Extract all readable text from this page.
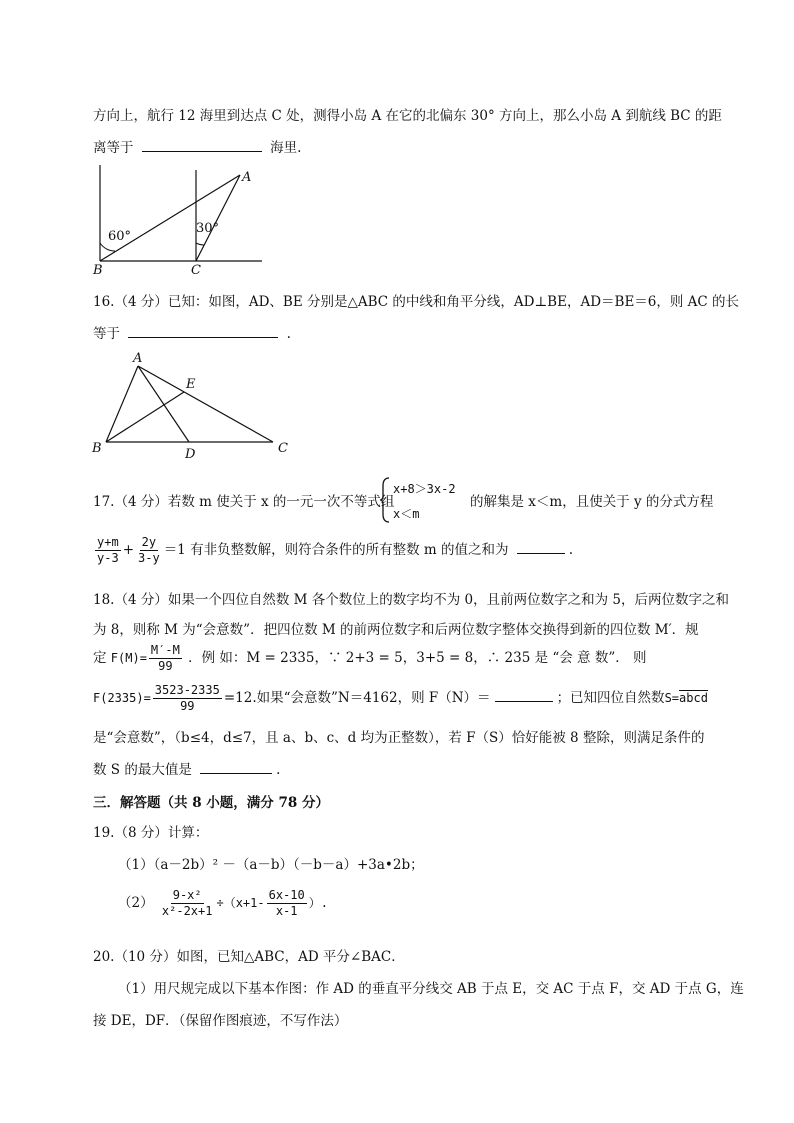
方向上，航行 12 海里到达点 C 处，测得小岛 A 在它的北偏东 30° 方向上，那么小岛 A 到航线 BC 的距
离等于	海里.
60°
30°
A
B	C
16.（4 分）已知：如图，AD、BE 分别是△ABC 的中线和角平分线，AD⊥BE，AD＝BE＝6，则 AC 的长
等于	.
A
B	C
D
E
17.（4 分）若数 m 使关于 x 的一元一次不等式组
x+8＞3x-2
x＜m
的解集是 x＜m，且使关于 y 的分式方程
$\frac{y+m}{y-3} + \frac{2y}{3-y} =1$ 有非负整数解，则符合条件的所有整数 m 的值之和为	.
18.（4 分）如果一个四位自然数 M 各个数位上的数字均不为 0，且前两位数字之和为 5，后两位数字之和
为 8，则称 M 为“会意数”．把四位数 M 的前两位数字和后两位数字整体交换得到新的四位数 M′．规
定 $F(M)= \frac{M'-M}{99}$ ．例 如：M = 2335，∵ 2+3 = 5，3+5 = 8，∴ 235 是 “会 意 数”． 则
$F(2335)= \frac{3523-2335}{99} =12$.如果“会意数”N＝4162，则 F（N）＝	；已知四位自然数S=abcd
是“会意数”，（b≤4，d≤7，且 a、b、c、d 均为正整数），若 F（S）恰好能被 8 整除，则满足条件的
数 S 的最大值是	.
三．解答题（共 8 小题，满分 78 分）
19.（8 分）计算：
（1）（a－2b）² －（a－b）（－b－a）+3a•2b；
$(2) \frac{\text{9-x²}}{\text{x²-2x+1}} \div(x+1- \frac{6x-10}{x-1}$ ）.
20.（10 分）如图，已知△ABC，AD 平分∠BAC．
（1）用尺规完成以下基本作图：作 AD 的垂直平分线交 AB 于点 E，交 AC 于点 F，交 AD 于点 G，连
接 DE，DF．（保留作图痕迹，不写作法）
